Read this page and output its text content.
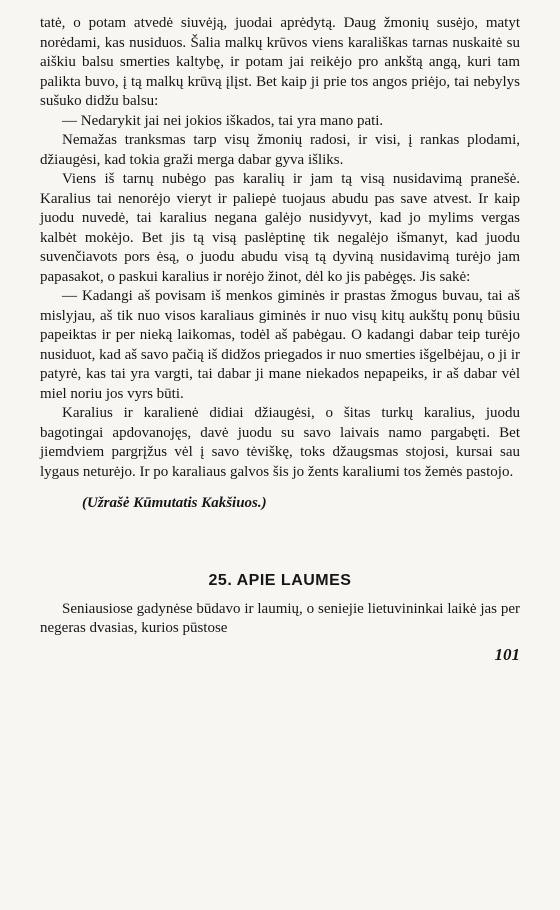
tatė, o potam atvedė siuvėją, juodai aprėdytą. Daug žmonių susėjo, matyt norėdami, kas nusiduos. Šalia malkų krūvos viens karališkas tarnas nuskaitė su aiškiu balsu smerties kaltybę, ir potam jai reikėjo pro ankštą angą, kuri tam palikta buvo, į tą malkų krūvą įlįst. Bet kaip ji prie tos angos priėjo, tai nebylys sušuko didžu balsu:

— Nedarykit jai nei jokios iškados, tai yra mano pati.

Nemažas tranksmas tarp visų žmonių radosi, ir visi, į rankas plodami, džiaugėsi, kad tokia graži merga dabar gyva išliks.

Viens iš tarnų nubėgo pas karalių ir jam tą visą nusidavimą pranešė. Karalius tai nenorėjo vieryt ir paliepė tuojaus abudu pas save atvest. Ir kaip juodu nuvedė, tai karalius negana galėjo nusidyvyt, kad jo mylims vergas kalbėt mokėjo. Bet jis tą visą paslėptinę tik negalėjo išmanyt, kad juodu suvenčiavots pors ėsą, o juodu abudu visą tą dyviną nusidavimą turėjo jam papasakot, o paskui karalius ir norėjo žinot, dėl ko jis pabėgęs. Jis sakė:

— Kadangi aš povisam iš menkos giminės ir prastas žmogus buvau, tai aš mislyjau, aš tik nuo visos karaliaus giminės ir nuo visų kitų aukštų ponų būsiu papeiktas ir per nieką laikomas, todėl aš pabėgau. O kadangi dabar teip turėjo nusiduot, kad aš savo pačią iš didžos priegados ir nuo smerties išgelbėjau, o ji ir patyrė, kas tai yra vargti, tai dabar ji mane niekados nepapeiks, ir aš dabar vėl miel noriu jos vyrs būti.

Karalius ir karalienė didiai džiaugėsi, o šitas turkų karalius, juodu bagotingai apdovanojęs, davė juodu su savo laivais namo pargabęti. Bet jiemdviem pargrįžus vėl į savo tėviškę, toks džaugsmas stojosi, kursai sau lygaus neturėjo. Ir po karaliaus galvos šis jo žents karaliumi tos žemės pastojo.

(Užrašė Kūmutatis Kakšiuos.)

25. APIE LAUMES

Seniausiose gadynėse būdavo ir laumių, o seniejie lietuvininkai laikė jas per negeras dvasias, kurios pūstose

101
